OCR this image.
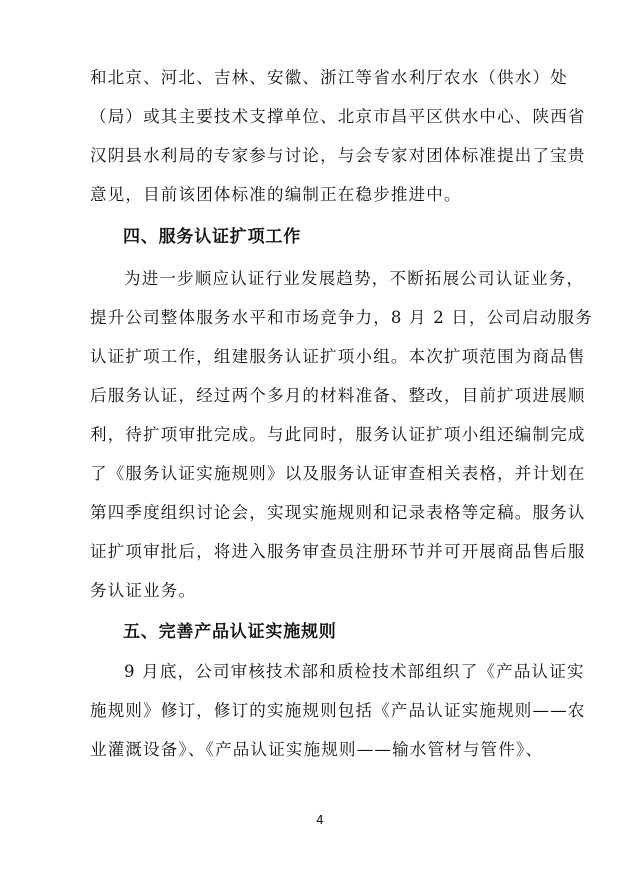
和北京、河北、吉林、安徽、浙江等省水利厅农水（供水）处
（局）或其主要技术支撑单位、北京市昌平区供水中心、陕西省
汉阴县水利局的专家参与讨论，与会专家对团体标准提出了宝贵
意见，目前该团体标准的编制正在稳步推进中。
四、服务认证扩项工作
为进一步顺应认证行业发展趋势，不断拓展公司认证业务，
提升公司整体服务水平和市场竞争力，8 月 2 日，公司启动服务
认证扩项工作，组建服务认证扩项小组。本次扩项范围为商品售
后服务认证，经过两个多月的材料准备、整改，目前扩项进展顺
利，待扩项审批完成。与此同时，服务认证扩项小组还编制完成
了《服务认证实施规则》以及服务认证审查相关表格，并计划在
第四季度组织讨论会，实现实施规则和记录表格等定稿。服务认
证扩项审批后，将进入服务审查员注册环节并可开展商品售后服
务认证业务。
五、完善产品认证实施规则
9 月底，公司审核技术部和质检技术部组织了《产品认证实
施规则》修订，修订的实施规则包括《产品认证实施规则——农
业灌溉设备》、《产品认证实施规则——输水管材与管件》、
4
